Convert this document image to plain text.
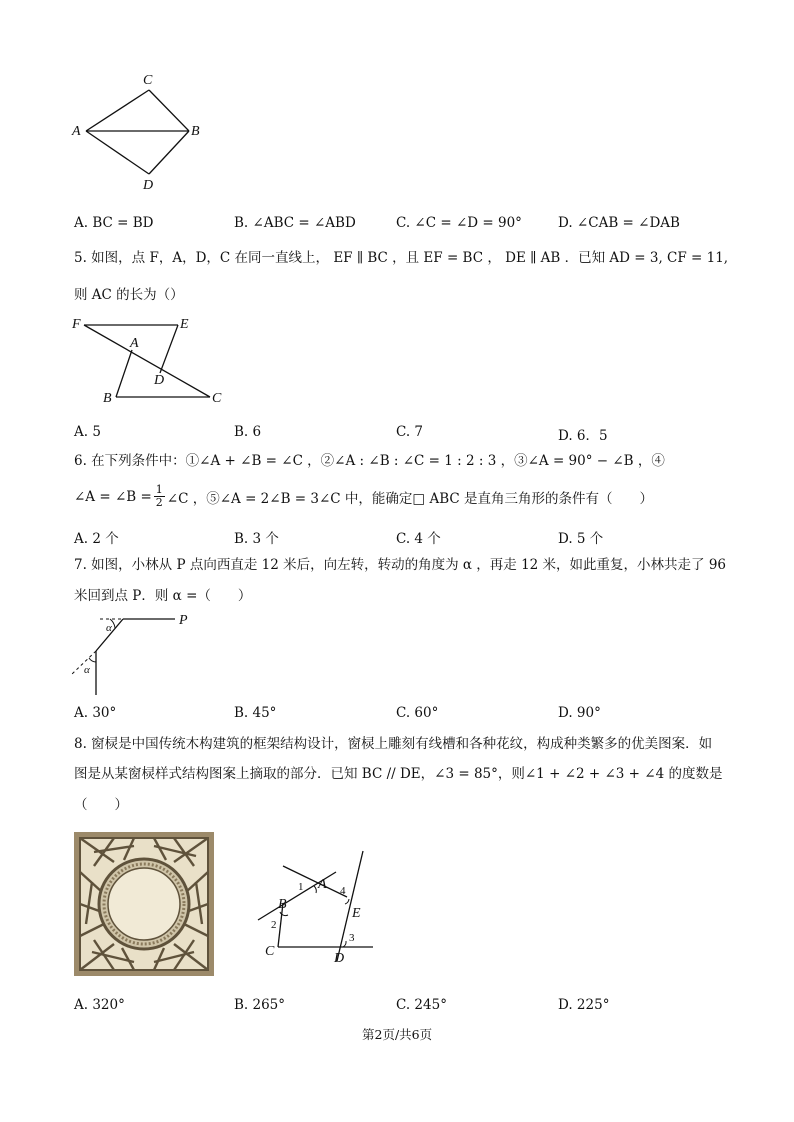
C
A	B
D
A. BC = BD	B. ∠ABC = ∠ABD	C. ∠C = ∠D = 90°	D. ∠CAB = ∠DAB
5. 如图，点 F，A，D，C 在同一直线上， EF ∥ BC ，且 EF = BC ， DE ∥ AB ．已知 AD = 3, CF = 11,
则 AC 的长为（）
F	E
A
D
B	C
A. 5	B. 6	C. 7	D. 6．5
6. 在下列条件中：①∠A + ∠B = ∠C ，②∠A : ∠B : ∠C = 1 : 2 : 3 ，③∠A = 90° − ∠B ，④
∠A = ∠B = $\frac{1}{2}$ ∠C ，⑤∠A = 2∠B = 3∠C 中，能确定□ ABC 是直角三角形的条件有（　　）
A. 2 个	B. 3 个	C. 4 个	D. 5 个
7. 如图，小林从 P 点向西直走 12 米后，向左转，转动的角度为 α ，再走 12 米，如此重复，小林共走了 96
米回到点 P．则 α =（　　）
P
α
α
A. 30°	B. 45°	C. 60°	D. 90°
8. 窗棂是中国传统木构建筑的框架结构设计，窗棂上雕刻有线槽和各种花纹，构成种类繁多的优美图案．如
图是从某窗棂样式结构图案上摘取的部分．已知 BC // DE，∠3 = 85°，则∠1 + ∠2 + ∠3 + ∠4 的度数是
（　　）
1 A 4
B
E
2
3
C	D
A. 320°	B. 265°	C. 245°	D. 225°
第2页/共6页
